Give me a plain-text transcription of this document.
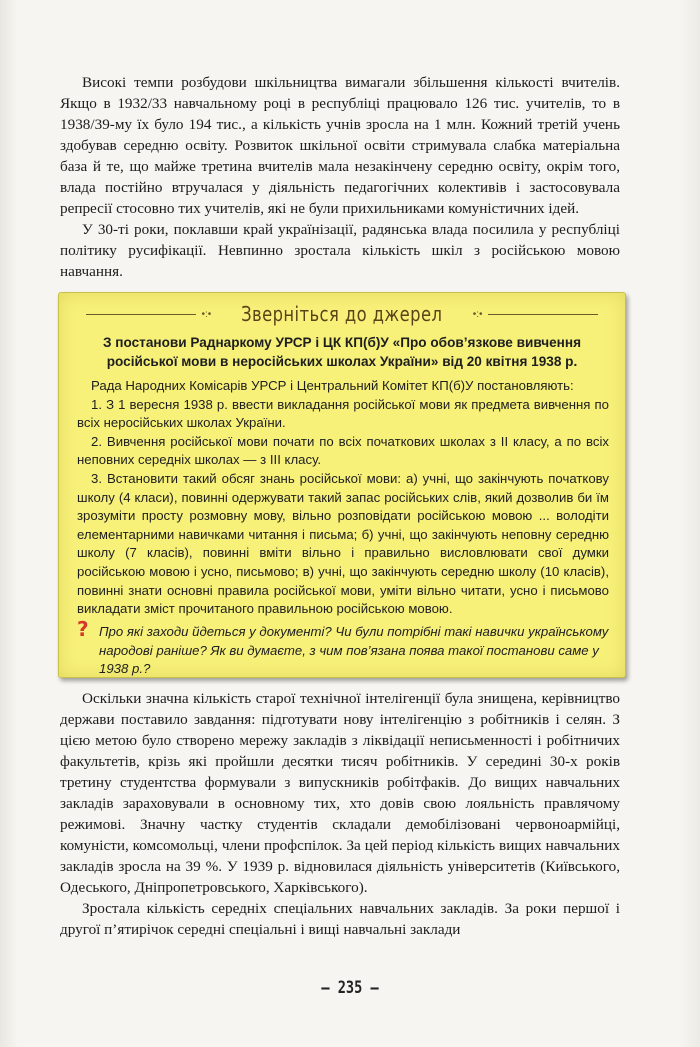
Високі темпи розбудови шкільництва вимагали збільшення кількості вчителів. Якщо в 1932/33 навчальному році в республіці працювало 126 тис. учителів, то в 1938/39-му їх було 194 тис., а кількість учнів зросла на 1 млн. Кожний третій учень здобував середню освіту. Розвиток шкільної освіти стримувала слабка матеріальна база й те, що майже третина вчителів мала незакінчену середню освіту, окрім того, влада постійно втручалася у діяльність педагогічних колективів і застосовувала репресії стосовно тих учителів, які не були прихильниками комуністичних ідей.

У 30-ті роки, поклавши край українізації, радянська влада посилила у республіці політику русифікації. Невпинно зростала кількість шкіл з російською мовою навчання.

•:• Зверніться до джерел	•:•
З постанови Раднаркому УРСР і ЦК КП(б)У «Про обов’язкове вивчення російської мови в неросійських школах України» від 20 квітня 1938 р.

Рада Народних Комісарів УРСР і Центральний Комітет КП(б)У постановляють:

1. З 1 вересня 1938 р. ввести викладання російської мови як предмета вивчення по всіх неросійських школах України.

2. Вивчення російської мови почати по всіх початкових школах з II класу, а по всіх неповних середніх школах — з III класу.

3. Встановити такий обсяг знань російської мови: а) учні, що закінчують початкову школу (4 класи), повинні одержувати такий запас російських слів, який дозволив би їм зрозуміти просту розмовну мову, вільно розповідати російською мовою ... володіти елементарними навичками читання і письма; б) учні, що закінчують неповну середню школу (7 класів), повинні вміти вільно і правильно висловлювати свої думки російською мовою і усно, письмово; в) учні, що закінчують середню школу (10 класів), повинні знати основні правила російської мови, уміти вільно читати, усно і письмово викладати зміст прочитаного правильною російською мовою.

? Про які заходи йдеться у документі? Чи були потрібні такі навички українському народові раніше? Як ви думаєте, з чим пов’язана поява такої постанови саме у 1938 р.?

Оскільки значна кількість старої технічної інтелігенції була знищена, керівництво держави поставило завдання: підготувати нову інтелігенцію з робітників і селян. З цією метою було створено мережу закладів з ліквідації неписьменності і робітничих факультетів, крізь які пройшли десятки тисяч робітників. У середині 30-х років третину студентства формували з випускників робітфаків. До вищих навчальних закладів зараховували в основному тих, хто довів свою лояльність правлячому режимові. Значну частку студентів складали демобілізовані червоноармійці, комуністи, комсомольці, члени профспілок. За цей період кількість вищих навчальних закладів зросла на 39 %. У 1939 р. відновилася діяльність університетів (Київського, Одеського, Дніпропетровського, Харківського).

Зростала кількість середніх спеціальних навчальних закладів. За роки першої і другої п’ятирічок середні спеціальні і вищі навчальні заклади

– 235 –
